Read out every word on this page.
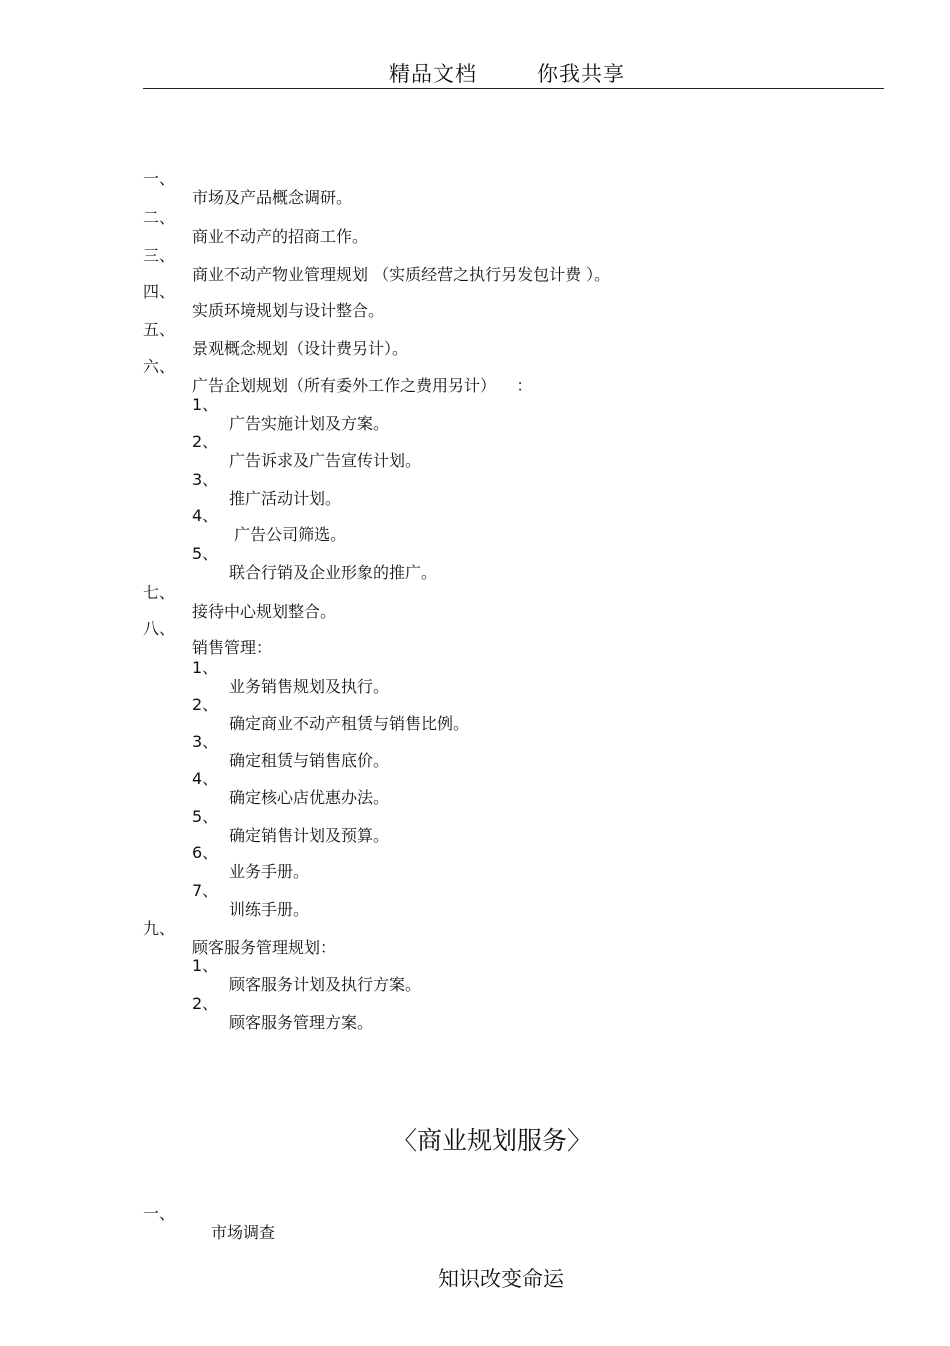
精品文档	你我共享

一、

市场及产品概念调研。

二、

商业不动产的招商工作。

三、

商业不动产物业管理规划 （实质经营之执行另发包计费 ）。

四、

实质环境规划与设计整合。

五、

景观概念规划（设计费另计）。

六、

广告企划规划（所有委外工作之费用另计）    ：

1、

广告实施计划及方案。

2、

广告诉求及广告宣传计划。

3、

推广活动计划。

4、

广告公司筛选。

5、

联合行销及企业形象的推广。

七、

接待中心规划整合。

八、

销售管理：

1、

业务销售规划及执行。

2、

确定商业不动产租赁与销售比例。

3、

确定租赁与销售底价。

4、

确定核心店优惠办法。

5、

确定销售计划及预算。

6、

业务手册。

7、

训练手册。

九、

顾客服务管理规划：

1、

顾客服务计划及执行方案。

2、

顾客服务管理方案。

〈商业规划服务〉

一、

市场调查

知识改变命运
